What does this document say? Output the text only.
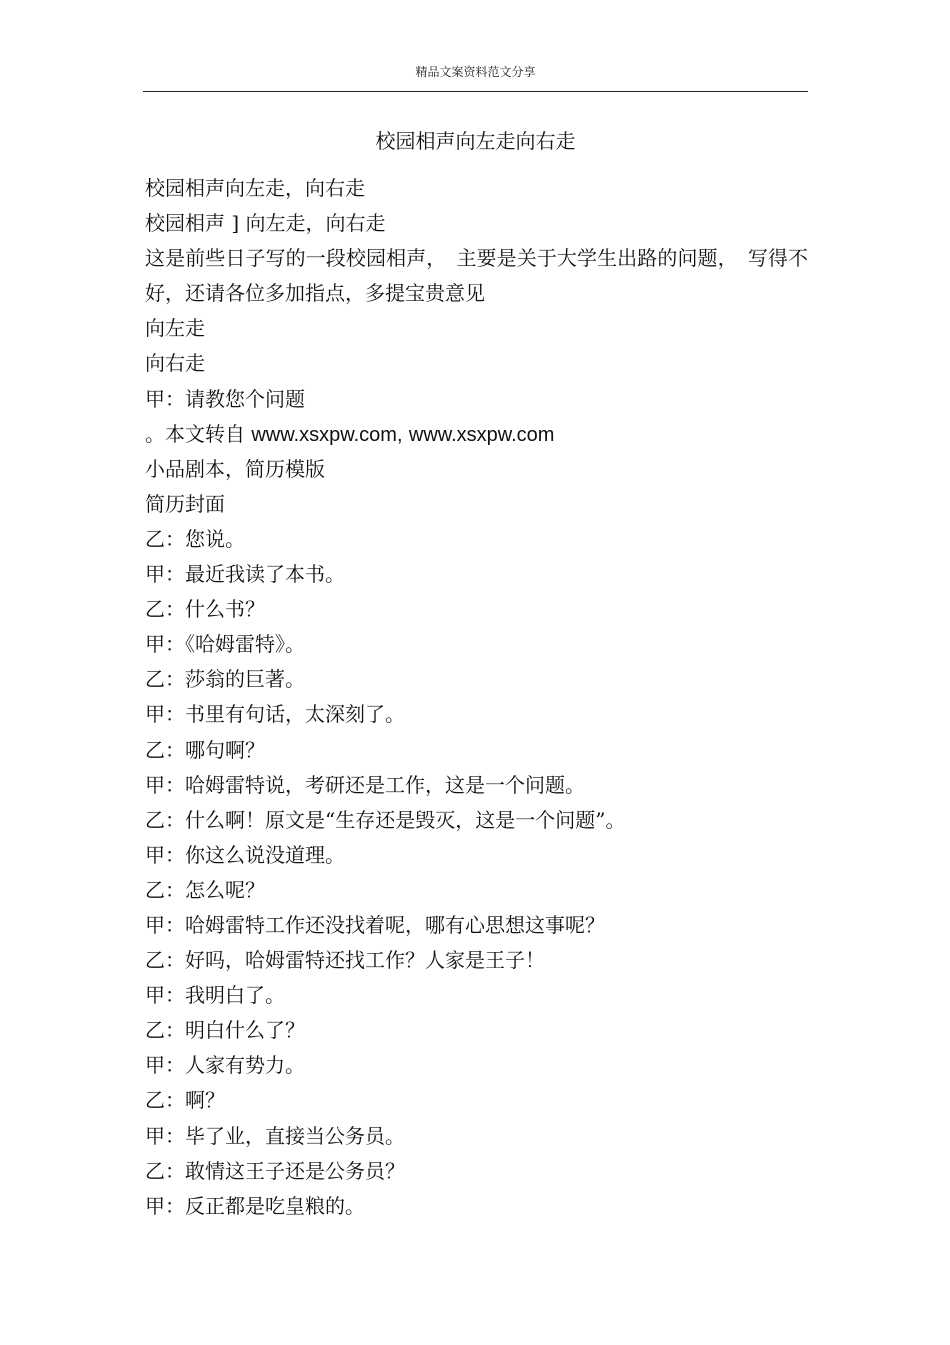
精品文案资料范文分享
校园相声向左走向右走
校园相声向左走，向右走
校园相声 ] 向左走，向右走
这是前些日子写的一段校园相声，　主要是关于大学生出路的问题，　写得不好，还请各位多加指点，多提宝贵意见
向左走
向右走
甲：请教您个问题
。本文转自 www.xsxpw.com, www.xsxpw.com
小品剧本，简历模版
简历封面
乙：您说。
甲：最近我读了本书。
乙：什么书？
甲：《哈姆雷特》。
乙：莎翁的巨著。
甲：书里有句话，太深刻了。
乙：哪句啊？
甲：哈姆雷特说，考研还是工作，这是一个问题。
乙：什么啊！原文是“生存还是毁灭，这是一个问题”。
甲：你这么说没道理。
乙：怎么呢？
甲：哈姆雷特工作还没找着呢，哪有心思想这事呢？
乙：好吗，哈姆雷特还找工作？人家是王子！
甲：我明白了。
乙：明白什么了？
甲：人家有势力。
乙：啊？
甲：毕了业，直接当公务员。
乙：敢情这王子还是公务员？
甲：反正都是吃皇粮的。
